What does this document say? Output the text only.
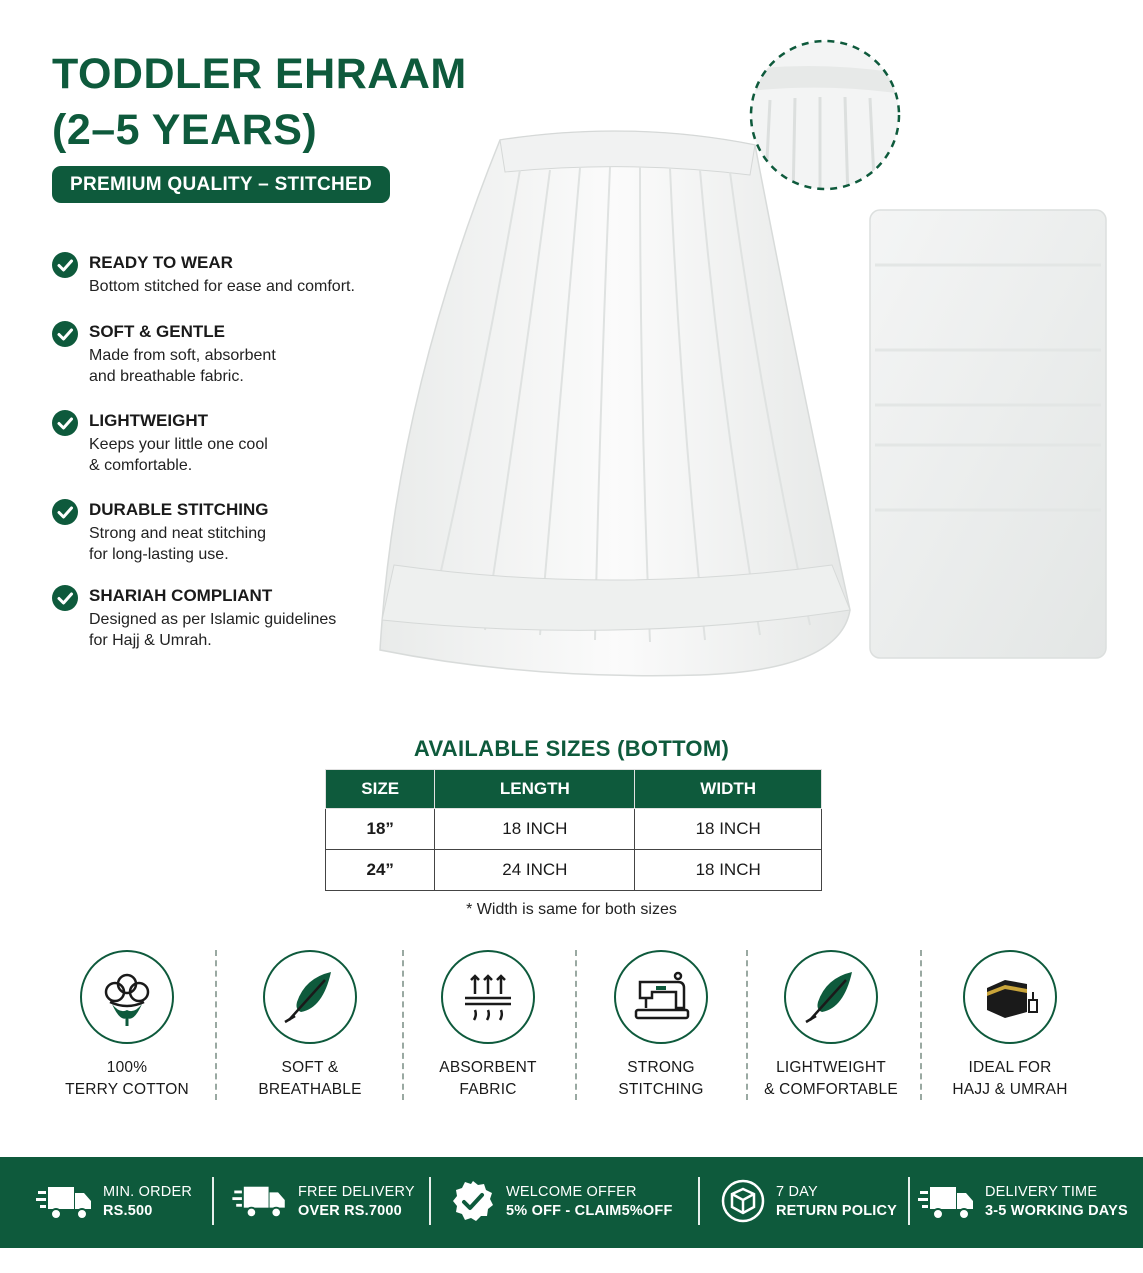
TODDLER EHRAAM
(2–5 YEARS)
PREMIUM QUALITY – STITCHED
READY TO WEAR
Bottom stitched for ease and comfort.
SOFT & GENTLE
Made from soft, absorbent
and breathable fabric.
LIGHTWEIGHT
Keeps your little one cool
& comfortable.
DURABLE STITCHING
Strong and neat stitching
for long-lasting use.
SHARIAH COMPLIANT
Designed as per Islamic guidelines
for Hajj & Umrah.
AVAILABLE SIZES (BOTTOM)
SIZE	LENGTH	WIDTH
18”	18 INCH	18 INCH
24”	24 INCH	18 INCH
* Width is same for both sizes
100%
TERRY COTTON
SOFT &
BREATHABLE
ABSORBENT
FABRIC
STRONG
STITCHING
LIGHTWEIGHT
& COMFORTABLE
IDEAL FOR
HAJJ & UMRAH
MIN. ORDER
RS.500
FREE DELIVERY
OVER RS.7000
WELCOME OFFER
5% OFF - CLAIM5%OFF
7 DAY
RETURN POLICY
DELIVERY TIME
3-5 WORKING DAYS
